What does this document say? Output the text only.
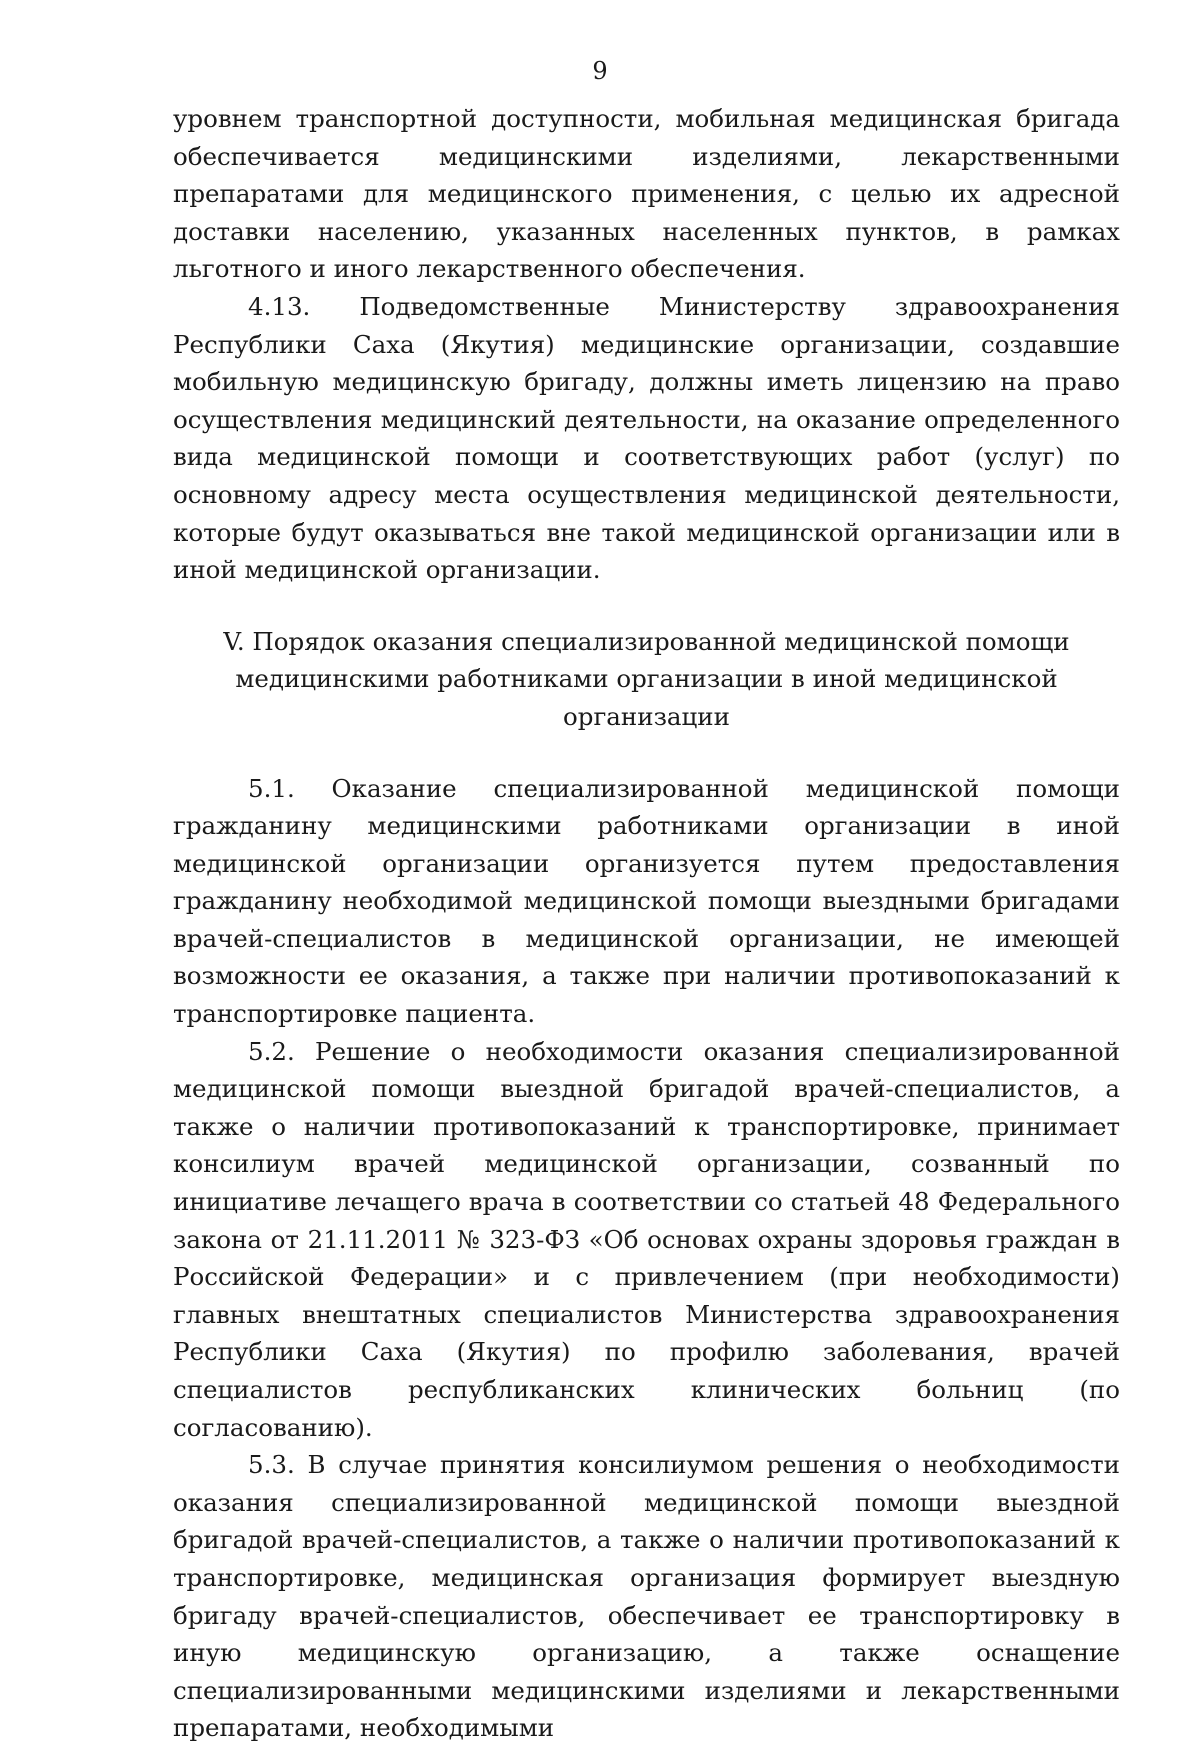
9

уровнем транспортной доступности, мобильная медицинская бригада обеспечивается медицинскими изделиями, лекарственными препаратами для медицинского применения, с целью их адресной доставки населению, указанных населенных пунктов, в рамках льготного и иного лекарственного обеспечения.

4.13. Подведомственные Министерству здравоохранения Республики Саха (Якутия) медицинские организации, создавшие мобильную медицинскую бригаду, должны иметь лицензию на право осуществления медицинский деятельности, на оказание определенного вида медицинской помощи и соответствующих работ (услуг) по основному адресу места осуществления медицинской деятельности, которые будут оказываться вне такой медицинской организации или в иной медицинской организации.

V. Порядок оказания специализированной медицинской помощи
медицинскими работниками организации в иной медицинской организации

5.1. Оказание специализированной медицинской помощи гражданину медицинскими работниками организации в иной медицинской организации организуется путем предоставления гражданину необходимой медицинской помощи выездными бригадами врачей-специалистов в медицинской организации, не имеющей возможности ее оказания, а также при наличии противопоказаний к транспортировке пациента.

5.2. Решение о необходимости оказания специализированной медицинской помощи выездной бригадой врачей-специалистов, а также о наличии противопоказаний к транспортировке, принимает консилиум врачей медицинской организации, созванный по инициативе лечащего врача в соответствии со статьей 48 Федерального закона от 21.11.2011 № 323-ФЗ «Об основах охраны здоровья граждан в Российской Федерации» и с привлечением (при необходимости) главных внештатных специалистов Министерства здравоохранения Республики Саха (Якутия) по профилю заболевания, врачей специалистов республиканских клинических больниц (по согласованию).

5.3. В случае принятия консилиумом решения о необходимости оказания специализированной медицинской помощи выездной бригадой врачей-специалистов, а также о наличии противопоказаний к транспортировке, медицинская организация формирует выездную бригаду врачей-специалистов, обеспечивает ее транспортировку в иную медицинскую организацию, а также оснащение специализированными медицинскими изделиями и лекарственными препаратами, необходимыми
